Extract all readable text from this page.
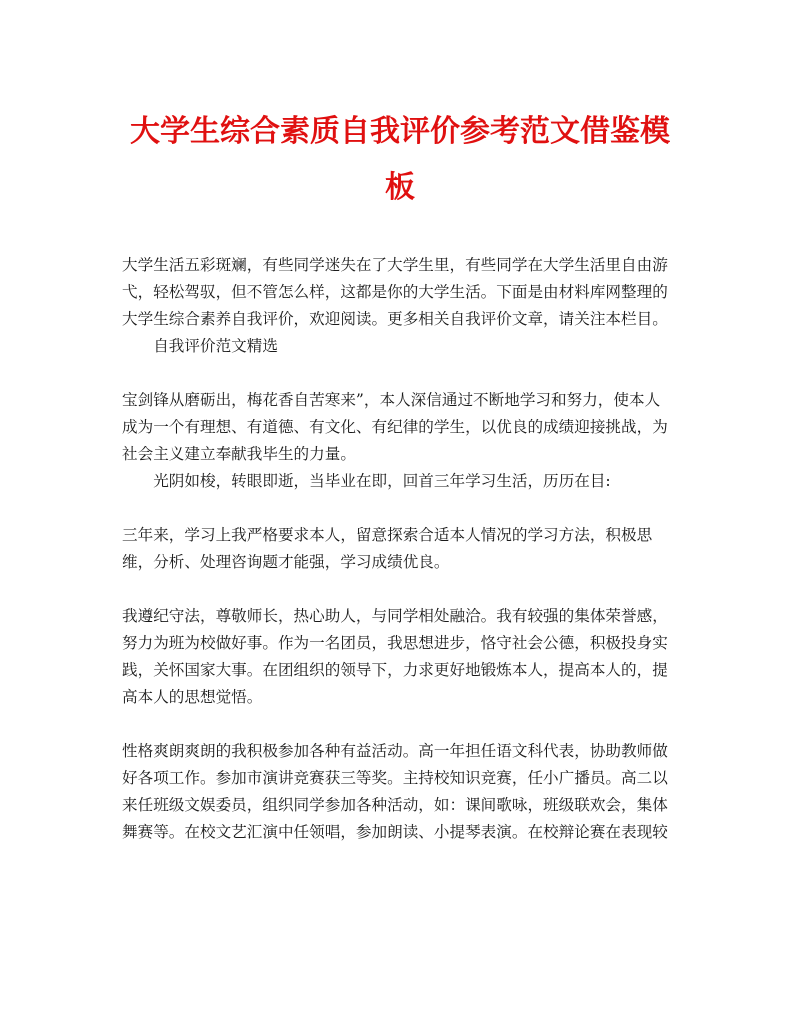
大学生综合素质自我评价参考范文借鉴模
板

大学生活五彩斑斓，有些同学迷失在了大学生里，有些同学在大学生活里自由游弋，轻松驾驭，但不管怎么样，这都是你的大学生活。下面是由材料库网整理的大学生综合素养自我评价，欢迎阅读。更多相关自我评价文章，请关注本栏目。

自我评价范文精选

宝剑锋从磨砺出，梅花香自苦寒来”，本人深信通过不断地学习和努力，使本人成为一个有理想、有道德、有文化、有纪律的学生，以优良的成绩迎接挑战，为社会主义建立奉献我毕生的力量。

光阴如梭，转眼即逝，当毕业在即，回首三年学习生活，历历在目:

三年来，学习上我严格要求本人，留意探索合适本人情况的学习方法，积极思维，分析、处理咨询题才能强，学习成绩优良。

我遵纪守法，尊敬师长，热心助人，与同学相处融洽。我有较强的集体荣誉感，努力为班为校做好事。作为一名团员，我思想进步，恪守社会公德，积极投身实践，关怀国家大事。在团组织的领导下，力求更好地锻炼本人，提高本人的，提高本人的思想觉悟。

性格爽朗爽朗的我积极参加各种有益活动。高一年担任语文科代表，协助教师做好各项工作。参加市演讲竞赛获三等奖。主持校知识竞赛，任小广播员。高二以来任班级文娱委员，组织同学参加各种活动，如：课间歌咏，班级联欢会，集体舞赛等。在校文艺汇演中任领唱，参加朗读、小提琴表演。在校辩论赛在表现较
